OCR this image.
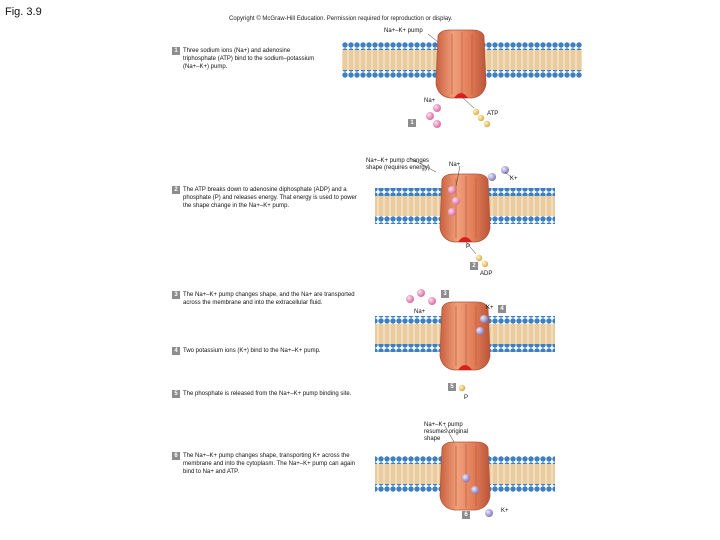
Fig. 3.9
Copyright © McGraw-Hill Education. Permission required for reproduction or display.
1 Three sodium ions (Na+) and adenosine triphosphate (ATP) bind to the sodium–potassium (Na+–K+) pump.
2 The ATP breaks down to adenosine diphosphate (ADP) and a phosphate (P) and releases energy. That energy is used to power the shape change in the Na+–K+ pump.
3 The Na+–K+ pump changes shape, and the Na+ are transported across the membrane and into the extracellular fluid.
4 Two potassium ions (K+) bind to the Na+–K+ pump.
5 The phosphate is released from the Na+–K+ pump binding site.
6 The Na+–K+ pump changes shape, transporting K+ across the membrane and into the cytoplasm. The Na+–K+ pump can again bind to Na+ and ATP.
Na+–K+ pump
Na+
ATP
1
Na+–K+ pump changes shape (requires energy)	Na+
K+
P
2
ADP
3
Na+
K+	4
5
P
Na+–K+ pump resumes original shape
6
K+
